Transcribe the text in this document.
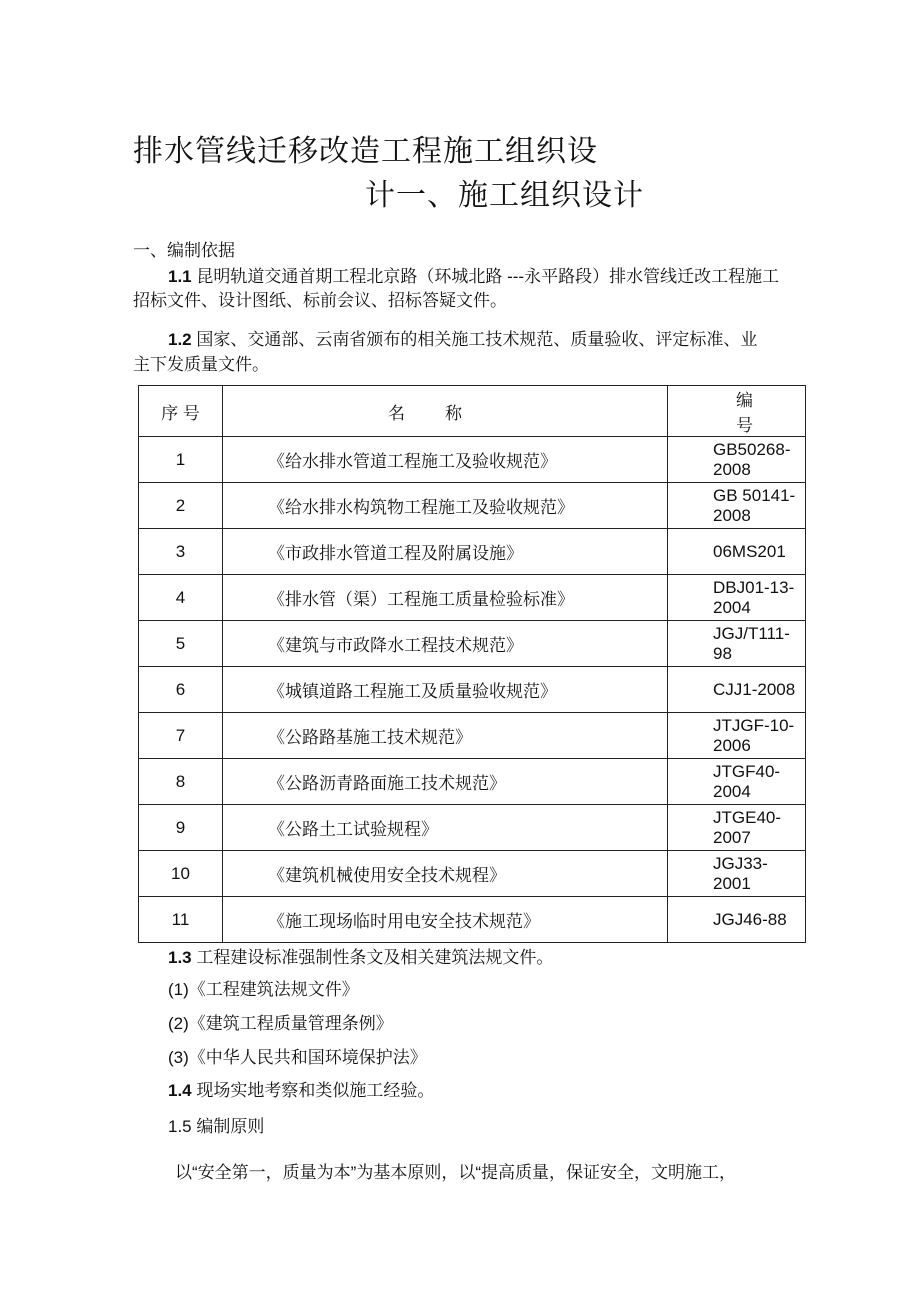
排水管线迁移改造工程施工组织设
计一、施工组织设计
一、编制依据
1.1 昆明轨道交通首期工程北京路（环城北路 ---永平路段）排水管线迁改工程施工
招标文件、设计图纸、标前会议、招标答疑文件。
1.2 国家、交通部、云南省颁布的相关施工技术规范、质量验收、评定标准、业
主下发质量文件。
序 号	名称	编号
1	《给水排水管道工程施工及验收规范》	GB50268-2008
2	《给水排水构筑物工程施工及验收规范》	GB 50141-2008
3	《市政排水管道工程及附属设施》	06MS201
4	《排水管（渠）工程施工质量检验标准》	DBJ01-13-2004
5	《建筑与市政降水工程技术规范》	JGJ/T111-98
6	《城镇道路工程施工及质量验收规范》	CJJ1-2008
7	《公路路基施工技术规范》	JTJGF-10-2006
8	《公路沥青路面施工技术规范》	JTGF40-2004
9	《公路土工试验规程》	JTGE40-2007
10	《建筑机械使用安全技术规程》	JGJ33-2001
11	《施工现场临时用电安全技术规范》	JGJ46-88
1.3 工程建设标准强制性条文及相关建筑法规文件。
(1)《工程建筑法规文件》
(2)《建筑工程质量管理条例》
(3)《中华人民共和国环境保护法》
1.4 现场实地考察和类似施工经验。
1.5 编制原则
以“安全第一，质量为本”为基本原则，以“提高质量，保证安全，文明施工，
